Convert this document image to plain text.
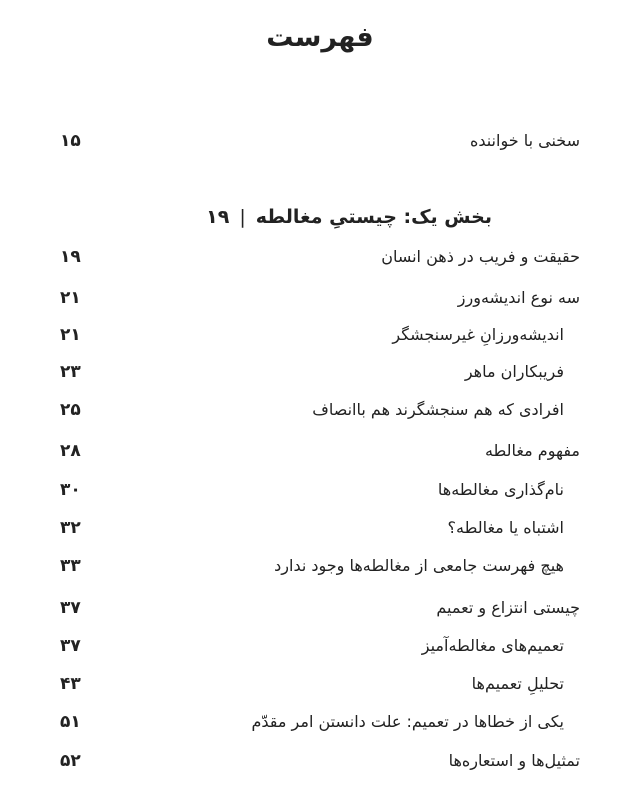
فهرست
سخنی با خواننده
۱۵
بخش یک: چیستیِ مغالطه|۱۹
حقیقت و فریب در ذهن انسان
۱۹
سه نوع اندیشه‌ورز
۲۱
اندیشه‌ورزانِ غیرسنجشگر
۲۱
فریبکاران ماهر
۲۳
افرادی که هم سنجشگرند هم باانصاف
۲۵
مفهوم مغالطه
۲۸
نام‌گذاری مغالطه‌ها
۳۰
اشتباه یا مغالطه؟
۳۲
هیچ فهرست جامعی از مغالطه‌ها وجود ندارد
۳۳
چیستی انتزاع و تعمیم
۳۷
تعمیم‌های مغالطه‌آمیز
۳۷
تحلیلِ تعمیم‌ها
۴۳
یکی از خطاها در تعمیم: علت دانستن امر مقدّم
۵۱
تمثیل‌ها و استعاره‌ها
۵۲
